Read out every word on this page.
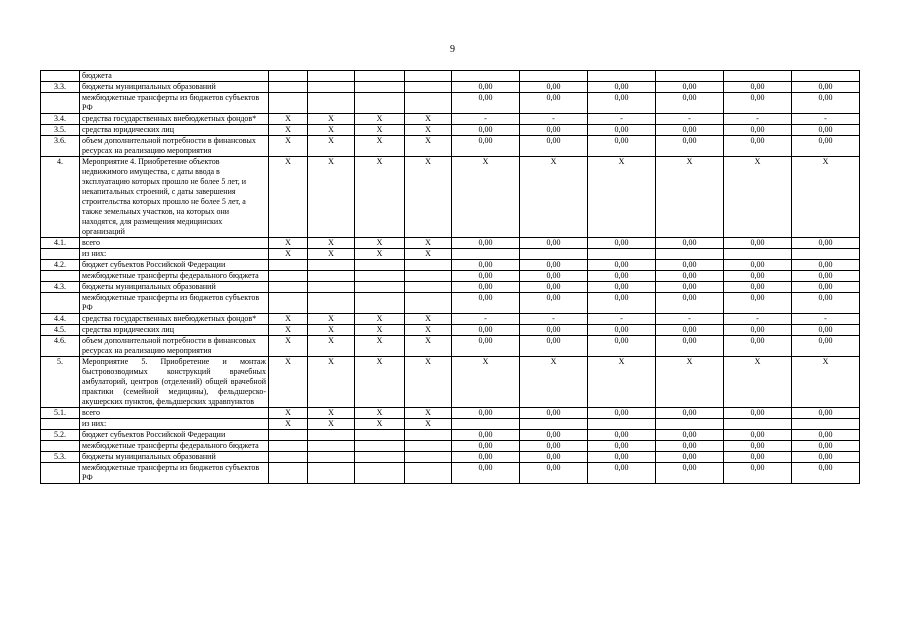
9
	бюджета										
3.3.	бюджеты муниципальных образований					0,00	0,00	0,00	0,00	0,00	0,00
	межбюджетные трансферты из бюджетов субъектов РФ					0,00	0,00	0,00	0,00	0,00	0,00
3.4.	средства государственных внебюджетных фондов*	X	X	X	X	-	-	-	-	-	-
3.5.	средства юридических лиц	X	X	X	X	0,00	0,00	0,00	0,00	0,00	0,00
3.6.	объем дополнительной потребности в финансовых ресурсах на реализацию мероприятия	X	X	X	X	0,00	0,00	0,00	0,00	0,00	0,00
4.	Мероприятие 4. Приобретение объектов недвижимого имущества, с даты ввода в эксплуатацию которых прошло не более 5 лет, и некапитальных строений, с даты завершения строительства которых прошло не более 5 лет, а также земельных участков, на которых они находятся, для размещения медицинских организаций	X	X	X	X	X	X	X	X	X	X
4.1.	всего	X	X	X	X	0,00	0,00	0,00	0,00	0,00	0,00
	из них:	X	X	X	X						
4.2.	бюджет субъектов Российской Федерации					0,00	0,00	0,00	0,00	0,00	0,00
	межбюджетные трансферты федерального бюджета					0,00	0,00	0,00	0,00	0,00	0,00
4.3.	бюджеты муниципальных образований					0,00	0,00	0,00	0,00	0,00	0,00
	межбюджетные трансферты из бюджетов субъектов РФ					0,00	0,00	0,00	0,00	0,00	0,00
4.4.	средства государственных внебюджетных фондов*	X	X	X	X	-	-	-	-	-	-
4.5.	средства юридических лиц	X	X	X	X	0,00	0,00	0,00	0,00	0,00	0,00
4.6.	объем дополнительной потребности в финансовых ресурсах на реализацию мероприятия	X	X	X	X	0,00	0,00	0,00	0,00	0,00	0,00
5.	Мероприятие 5. Приобретение и монтаж быстровозводимых конструкций врачебных амбулаторий, центров (отделений) общей врачебной практики (семейной медицины), фельдшерско-акушерских пунктов, фельдшерских здравпунктов	X	X	X	X	X	X	X	X	X	X
5.1.	всего	X	X	X	X	0,00	0,00	0,00	0,00	0,00	0,00
	из них:	X	X	X	X						
5.2.	бюджет субъектов Российской Федерации					0,00	0,00	0,00	0,00	0,00	0,00
	межбюджетные трансферты федерального бюджета					0,00	0,00	0,00	0,00	0,00	0,00
5.3.	бюджеты муниципальных образований					0,00	0,00	0,00	0,00	0,00	0,00
	межбюджетные трансферты из бюджетов субъектов РФ					0,00	0,00	0,00	0,00	0,00	0,00
